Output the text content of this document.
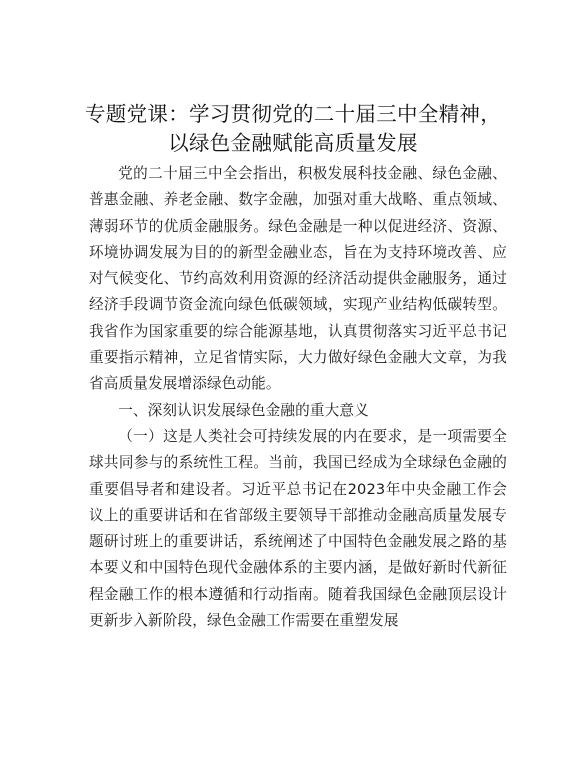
专题党课：学习贯彻党的二十届三中全精神，
以绿色金融赋能高质量发展

党的二十届三中全会指出，积极发展科技金融、绿色金融、普惠金融、养老金融、数字金融，加强对重大战略、重点领域、薄弱环节的优质金融服务。绿色金融是一种以促进经济、资源、环境协调发展为目的的新型金融业态，旨在为支持环境改善、应对气候变化、节约高效利用资源的经济活动提供金融服务，通过经济手段调节资金流向绿色低碳领域，实现产业结构低碳转型。我省作为国家重要的综合能源基地，认真贯彻落实习近平总书记重要指示精神，立足省情实际，大力做好绿色金融大文章，为我省高质量发展增添绿色动能。

一、深刻认识发展绿色金融的重大意义

（一）这是人类社会可持续发展的内在要求，是一项需要全球共同参与的系统性工程。当前，我国已经成为全球绿色金融的重要倡导者和建设者。习近平总书记在2023年中央金融工作会议上的重要讲话和在省部级主要领导干部推动金融高质量发展专题研讨班上的重要讲话，系统阐述了中国特色金融发展之路的基本要义和中国特色现代金融体系的主要内涵，是做好新时代新征程金融工作的根本遵循和行动指南。随着我国绿色金融顶层设计更新步入新阶段，绿色金融工作需要在重塑发展
